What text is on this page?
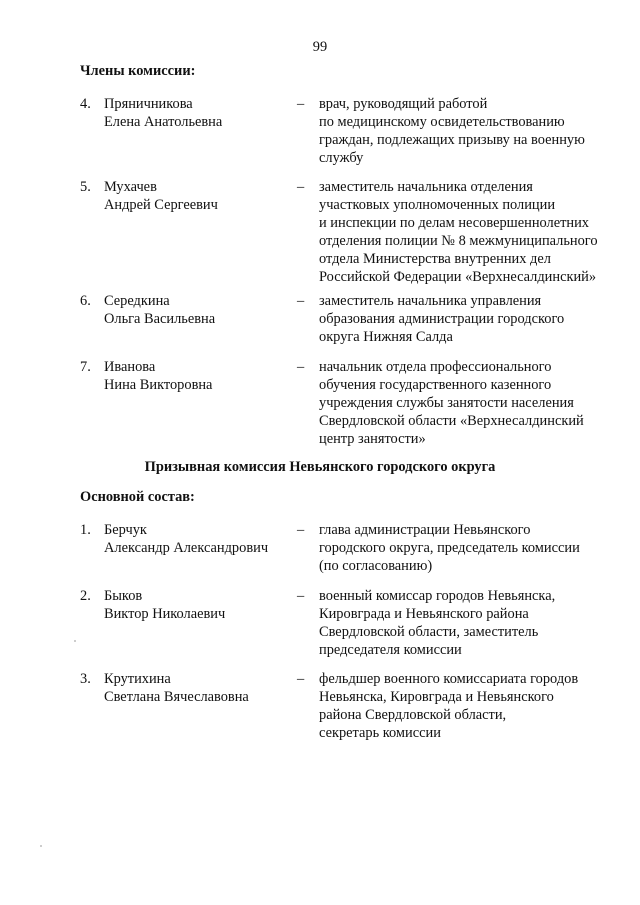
99
Члены комиссии:
4. Пряничникова
Елена Анатольевна
– врач, руководящий работой
по медицинскому освидетельствованию
граждан, подлежащих призыву на военную
службу
5. Мухачев
Андрей Сергеевич
– заместитель начальника отделения
участковых уполномоченных полиции
и инспекции по делам несовершеннолетних
отделения полиции № 8 межмуниципального
отдела Министерства внутренних дел
Российской Федерации «Верхнесалдинский»
6. Середкина
Ольга Васильевна
– заместитель начальника управления
образования администрации городского
округа Нижняя Салда
7. Иванова
Нина Викторовна
– начальник отдела профессионального
обучения государственного казенного
учреждения службы занятости населения
Свердловской области «Верхнесалдинский
центр занятости»
Призывная комиссия Невьянского городского округа
Основной состав:
1. Берчук
Александр Александрович
– глава администрации Невьянского
городского округа, председатель комиссии
(по согласованию)
2. Быков
Виктор Николаевич
– военный комиссар городов Невьянска,
Кировграда и Невьянского района
Свердловской области, заместитель
председателя комиссии
3. Крутихина
Светлана Вячеславовна
– фельдшер военного комиссариата городов
Невьянска, Кировграда и Невьянского
района Свердловской области,
секретарь комиссии
